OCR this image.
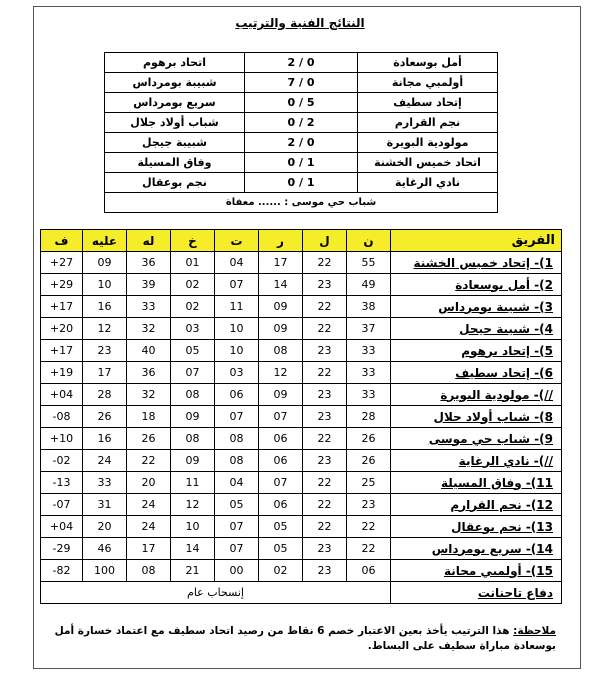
النتائج الفنية والترتيب
أمل بوسعادة	0 / 2	اتحاد برهوم
أولمبي مجانة	0 / 7	شبيبة بومرداس
إتحاد سطيف	5 / 0	سريع بومرداس
نجم القرارم	2 / 0	شباب أولاد جلال
مولودية البويرة	0 / 2	شبيبة جيجل
اتحاد خميس الخشنة	1 / 0	وفاق المسيلة
نادي الرغاية	1 / 0	نجم بوعقال
شباب حي موسى : ...... معفاة		
الفريق	ن	ل	ر	ت	خ	له	عليه	ف
1)- إتحاد خميس الخشنة	55	22	17	04	01	36	09	27+
2)- أمل بوسعادة	49	23	14	07	02	39	10	29+
3)- شبيبة بومرداس	38	22	09	11	02	33	16	17+
4)- شبيبة جيجل	37	22	09	10	03	32	12	20+
5)- إتحاد برهوم	33	23	08	10	05	40	23	17+
6)- إتحاد سطيف	33	22	12	03	07	36	17	19+
//)- مولودية البويرة	33	23	09	06	08	32	28	04+
8)- شباب أولاد جلال	28	23	07	07	09	18	26	08-
9)- شباب حي موسى	26	22	06	08	08	26	16	10+
//)- نادي الرغاية	26	23	06	08	09	22	24	02-
11)- وفاق المسيلة	25	22	07	04	11	20	33	13-
12)- نجم القرارم	23	22	06	05	12	24	31	07-
13)- نجم بوعقال	22	22	05	07	10	24	20	04+
14)- سريع بومرداس	22	23	05	07	14	17	46	29-
15)- أولمبي مجانة	06	23	02	00	21	08	100	82-
دفاع تاجنانت	إنسحاب عام							
ملاحظة: هذا الترتيب يأخذ بعين الاعتبار خصم 6 نقاط من رصيد اتحاد سطيف مع اعتماد خسارة أمل بوسعادة مباراة سطيف على البساط.
